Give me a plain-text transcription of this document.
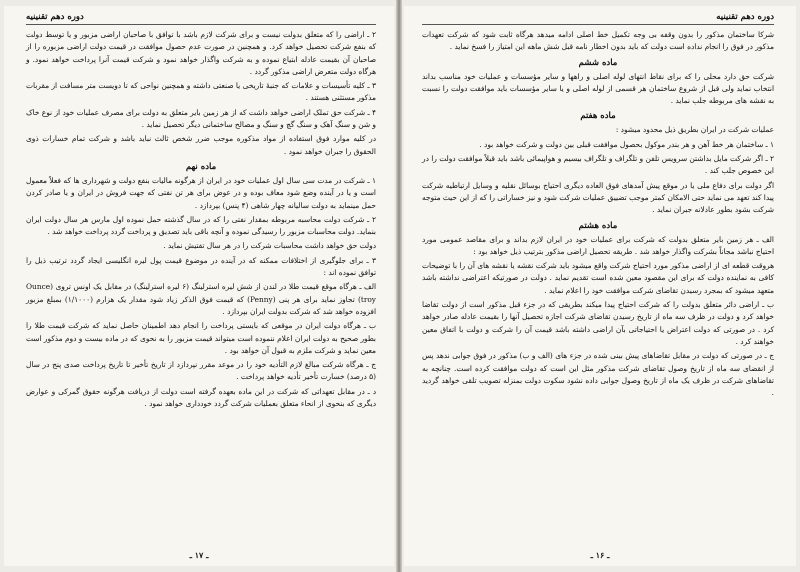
دوره دهم تقنینیه

۲ ـ اراضی را که متعلق بدولت نیست و برای شرکت لازم باشد با توافق با صاحبان اراضی مزبور و یا توسط دولت که بنفع شرکت تحصیل خواهد کرد. و همچنین در صورت عدم حصول موافقت در قیمت دولت اراضی مزبوره را از صاحبان آن بقیمت عادله ابتیاع نموده و به شرکت واگذار خواهد نمود و شرکت قیمت آنرا پرداخت خواهد نمود. و هرگاه دولت متعرض اراضی مذکور گردد .

۳ ـ کلیه تأسیسات و علامات که جنبهٔ تاریخی یا صنعتی داشته و همچنین نواحی که تا دویست متر مسافت از مقربات مذکور مستثنی هستند .

۴ ـ شرکت حق تملک اراضی خواهد داشت که از هر زمین بایر متعلق به دولت برای مصرف عملیات خود از نوع خاک و شن و سنگ آهک و سنگ گچ و سنگ و مصالح ساختمانی دیگر تحصیل نماید .

در کلیه موارد فوق استفاده از مواد مذکوره موجب ضرر شخص ثالث نباید باشد و شرکت تمام خسارات ذوی الحقوق را جبران خواهد نمود .

ماده نهم

۱ ـ شرکت در مدت سی سال اول عملیات خود در ایران از هرگونه مالیات بنفع دولت و شهرداری ها که فعلاً معمول است و یا در آینده وضع شود معاف بوده و در عوض برای هر تن نفتی که جهت فروش در ایران و یا صادر کردن حمل مینماید به دولت سالیانه چهار شاهی (۴ پنس) بپردازد .

۲ ـ شرکت دولت محاسبه مربوطه بمقدار نفتی را که در سال گذشته حمل نموده اول مارس هر سال دولت ایران بنماید. دولت محاسبات مزبور را رسیدگی نموده و آنچه باقی باید تصدیق و پرداخت گردد پرداخت خواهد شد .

دولت حق خواهد داشت محاسبات شرکت را در هر سال تفتیش نماید .

۳ ـ برای جلوگیری از اختلافات ممکنه که در آینده در موضوع قیمت پول لیره انگلیسی ایجاد گردد ترتیب ذیل را توافق نموده اند :

الف ـ هرگاه موقع قیمت طلا در لندن از شش لیره استرلینگ (۶ لیره استرلینگ) در مقابل یک اونس تروی (Ounce troy) تجاوز نماید برای هر پنی (Penny) که قیمت فوق الذکر زیاد شود مقدار یک هزارم (۱/۱۰۰۰) بمبلغ مزبور افزوده خواهد شد که شرکت بدولت ایران بپردازد .

ب ـ هرگاه دولت ایران در موقعی که بایستی پرداخت را انجام دهد اطمینان حاصل نماید که شرکت قیمت طلا را بطور صحیح به دولت ایران اعلام ننموده است میتواند قیمت مزبور را به نحوی که در ماده بیست و دوم مذکور است معین نماید و شرکت ملزم به قبول آن خواهد بود .

ج ـ هرگاه شرکت مبالغ لازم التأدیه خود را در موعد مقرر نپردازد از تاریخ تأخیر تا تاریخ پرداخت صدی پنج در سال (۵ درصد) خسارت تأخیر تأدیه خواهد پرداخت .

د ـ در مقابل تعهداتی که شرکت در این ماده بعهده گرفته است دولت از دریافت هرگونه حقوق گمرکی و عوارض دیگری که بنحوی از انحاء متعلق بعملیات شرکت گردد خودداری خواهد نمود .

ـ ۱۷ ـ
دوره دهم تقنینیه

شرکا ساختمان مذکور را بدون وقفه بی وجه تکمیل خط اصلی ادامه میدهد هرگاه ثابت شود که شرکت تعهدات مذکور در فوق را انجام نداده است دولت که باید بدون اخطار نامه قبل شش ماهه این امتیاز را فسخ نماید .

ماده ششم

شرکت حق دارد محلی را که برای نقاط انتهای لوله اصلی و راهها و سایر مؤسسات و عملیات خود مناسب بداند انتخاب نماید ولی قبل از شروع ساختمان هر قسمی از لوله اصلی و یا سایر مؤسسات باید موافقت دولت را نسبت به نقشه های مربوطه جلب نماید .

ماده هفتم

عملیات شرکت در ایران بطریق ذیل محدود میشود :

۱ ـ ساختمان هر خط آهن و هر بندر موکول بحصول موافقت قبلی بین دولت و شرکت خواهد بود .

۲ ـ اگر شرکت مایل بداشتن سرویس تلفن و تلگراف و تلگراف بیسیم و هواپیمائی باشد باید قبلاً موافقت دولت را در این خصوص جلب کند .

اگر دولت برای دفاع ملی یا در موقع پیش آمدهای فوق العاده دیگری احتیاج بوسائل نقلیه و وسایل ارتباطیه شرکت پیدا کند تعهد می نماید حتی الامکان کمتر موجب تضییق عملیات شرکت شود و نیز خساراتی را که از این حیث متوجه شرکت بشود بطور عادلانه جبران نماید .

ماده هشتم

الف ـ هر زمین بایر متعلق بدولت که شرکت برای عملیات خود در ایران لازم بداند و برای مقاصد عمومی مورد احتیاج نباشد مجاناً بشرکت واگذار خواهد شد . طریقه تحصیل اراضی مذکور بترتیب ذیل خواهد بود :

هروقت قطعه ای از اراضی مذکور مورد احتیاج شرکت واقع میشود باید شرکت نقشه یا نقشه های آن را با توضیحات کافی به نماینده دولت که برای این مقصود معین شده است تقدیم نماید . دولت در صورتیکه اعتراضی نداشته باشد متعهد میشود که بمجرد رسیدن تقاضای شرکت موافقت خود را اعلام نماید .

ب ـ اراضی دائر متعلق بدولت را که شرکت احتیاج پیدا میکند بطریقی که در جزء قبل مذکور است از دولت تقاضا خواهد کرد و دولت در ظرف سه ماه از تاریخ رسیدن تقاضای شرکت اجازه تحصیل آنها را بقیمت عادله صادر خواهد کرد . در صورتی که دولت اعتراض یا احتیاجاتی بآن اراضی داشته باشد قیمت آن را شرکت و دولت با اتفاق معین خواهند کرد .

ج ـ در صورتی که دولت در مقابل تقاضاهای پیش بینی شده در جزء های (الف و ب) مذکور در فوق جوابی ندهد پس از انقضای سه ماه از تاریخ وصول تقاضای شرکت مذکور مثل این است که دولت موافقت کرده است. چنانچه به تقاضاهای شرکت در ظرف یک ماه از تاریخ وصول جوابی داده نشود سکوت دولت بمنزله تصویب تلقی خواهد گردید .

ـ ۱۶ ـ
